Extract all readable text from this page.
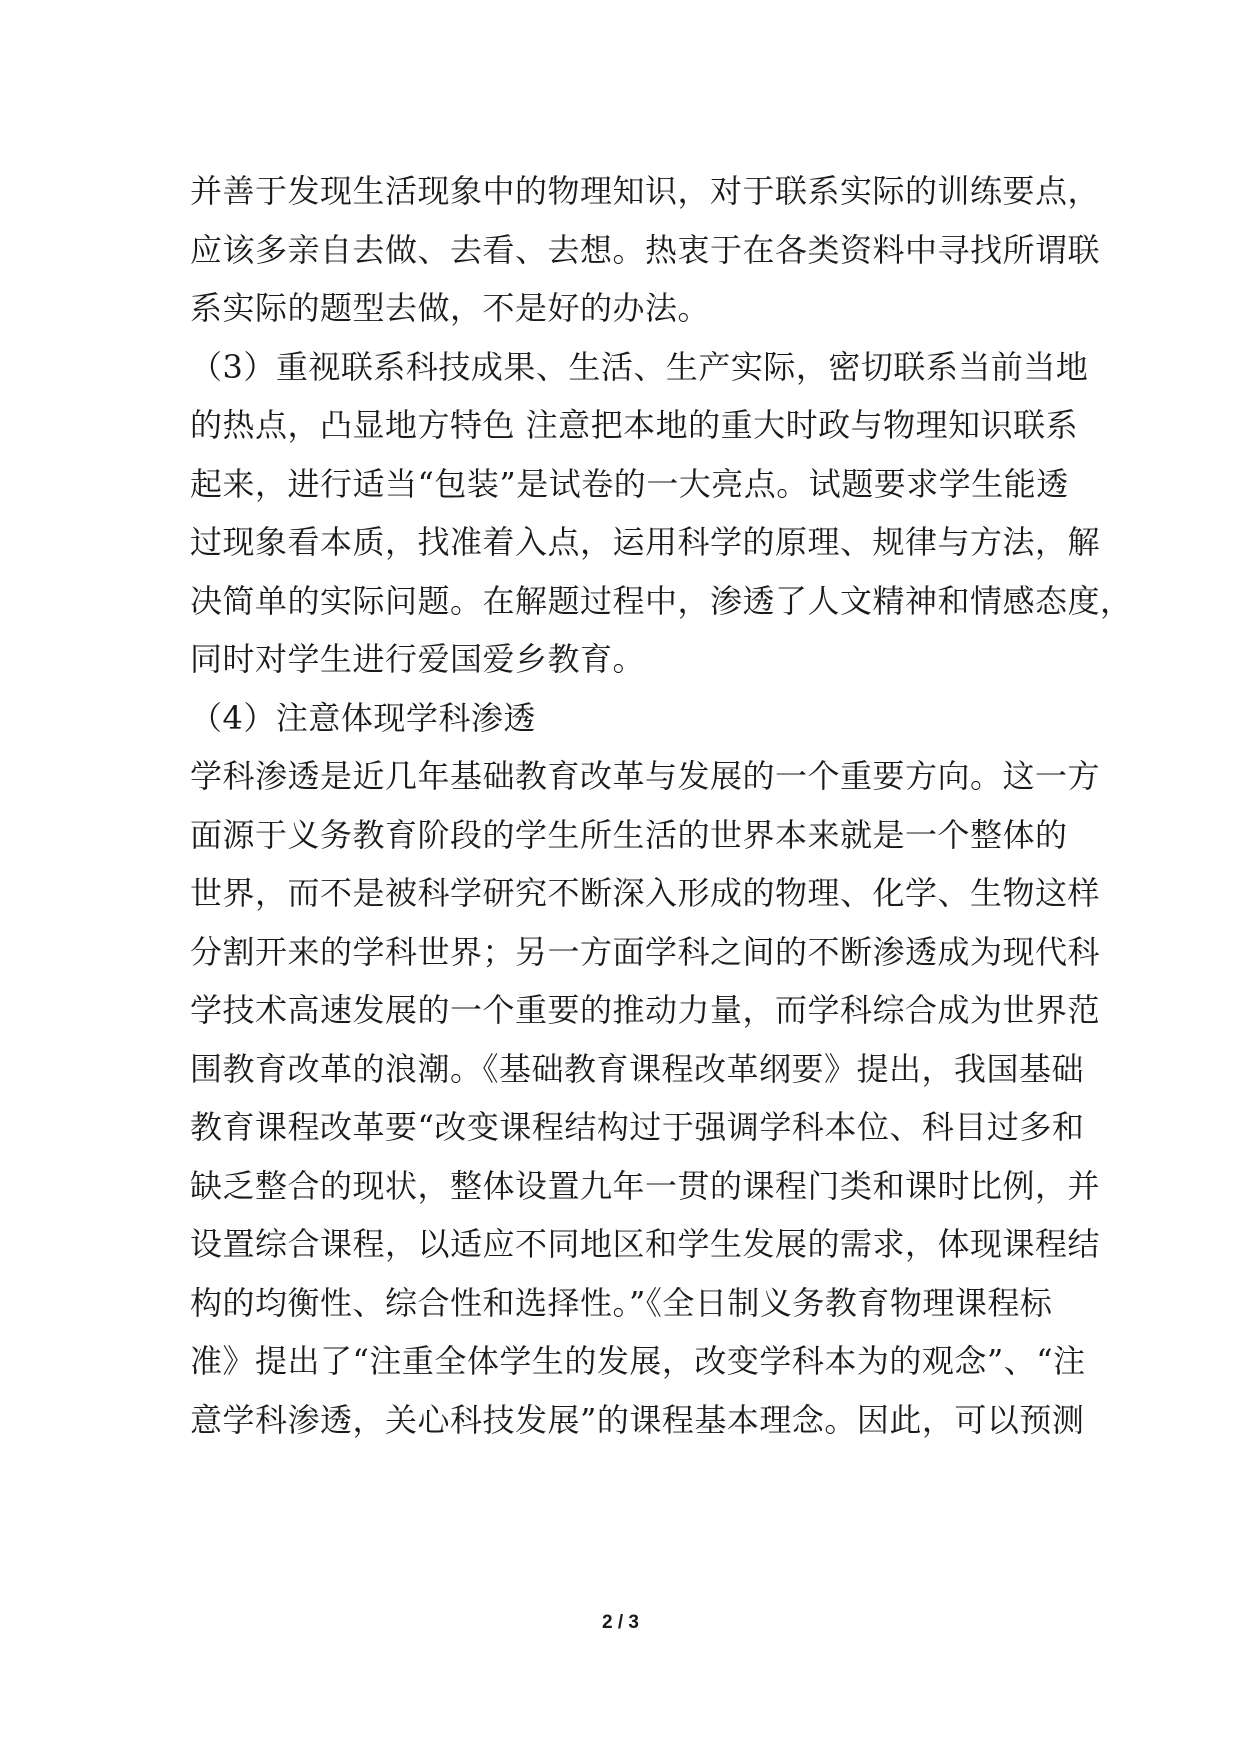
并善于发现生活现象中的物理知识，对于联系实际的训练要点，
应该多亲自去做、去看、去想。热衷于在各类资料中寻找所谓联
系实际的题型去做，不是好的办法。
（3）重视联系科技成果、生活、生产实际，密切联系当前当地
的热点，凸显地方特色 注意把本地的重大时政与物理知识联系
起来，进行适当“包装”是试卷的一大亮点。试题要求学生能透
过现象看本质，找准着入点，运用科学的原理、规律与方法，解
决简单的实际问题。在解题过程中，渗透了人文精神和情感态度，
同时对学生进行爱国爱乡教育。
（4）注意体现学科渗透
学科渗透是近几年基础教育改革与发展的一个重要方向。这一方
面源于义务教育阶段的学生所生活的世界本来就是一个整体的
世界，而不是被科学研究不断深入形成的物理、化学、生物这样
分割开来的学科世界；另一方面学科之间的不断渗透成为现代科
学技术高速发展的一个重要的推动力量，而学科综合成为世界范
围教育改革的浪潮。《基础教育课程改革纲要》提出，我国基础
教育课程改革要“改变课程结构过于强调学科本位、科目过多和
缺乏整合的现状，整体设置九年一贯的课程门类和课时比例，并
设置综合课程，以适应不同地区和学生发展的需求，体现课程结
构的均衡性、综合性和选择性。”《全日制义务教育物理课程标
准》提出了“注重全体学生的发展，改变学科本为的观念”、“注
意学科渗透，关心科技发展”的课程基本理念。因此，可以预测
2 / 3
